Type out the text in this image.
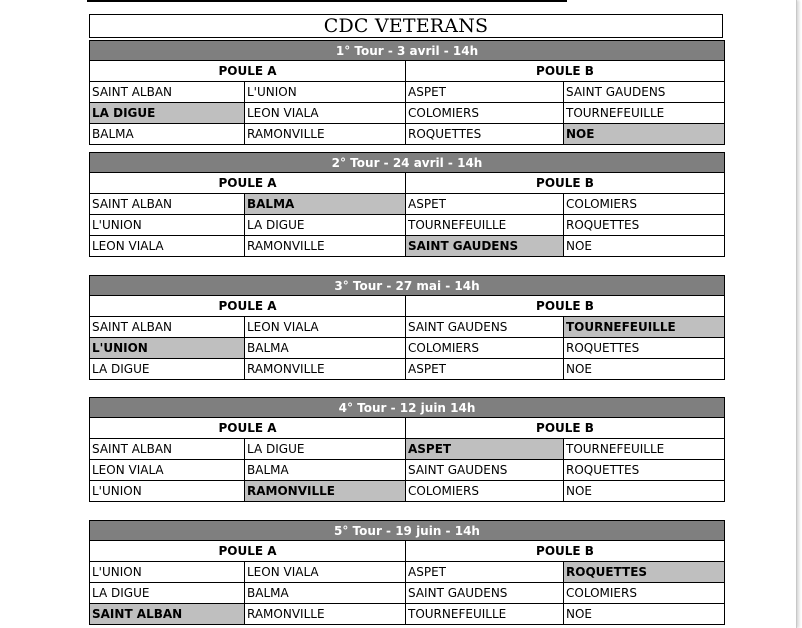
CDC VETERANS
1° Tour - 3 avril - 14h			
POULE A		POULE B	
SAINT ALBAN	L'UNION	ASPET	SAINT GAUDENS
LA DIGUE	LEON VIALA	COLOMIERS	TOURNEFEUILLE
BALMA	RAMONVILLE	ROQUETTES	NOE
2° Tour - 24 avril - 14h			
POULE A		POULE B	
SAINT ALBAN	BALMA	ASPET	COLOMIERS
L'UNION	LA DIGUE	TOURNEFEUILLE	ROQUETTES
LEON VIALA	RAMONVILLE	SAINT GAUDENS	NOE
3° Tour - 27 mai - 14h			
POULE A		POULE B	
SAINT ALBAN	LEON VIALA	SAINT GAUDENS	TOURNEFEUILLE
L'UNION	BALMA	COLOMIERS	ROQUETTES
LA DIGUE	RAMONVILLE	ASPET	NOE
4° Tour - 12 juin 14h			
POULE A		POULE B	
SAINT ALBAN	LA DIGUE	ASPET	TOURNEFEUILLE
LEON VIALA	BALMA	SAINT GAUDENS	ROQUETTES
L'UNION	RAMONVILLE	COLOMIERS	NOE
5° Tour - 19 juin - 14h			
POULE A		POULE B	
L'UNION	LEON VIALA	ASPET	ROQUETTES
LA DIGUE	BALMA	SAINT GAUDENS	COLOMIERS
SAINT ALBAN	RAMONVILLE	TOURNEFEUILLE	NOE
